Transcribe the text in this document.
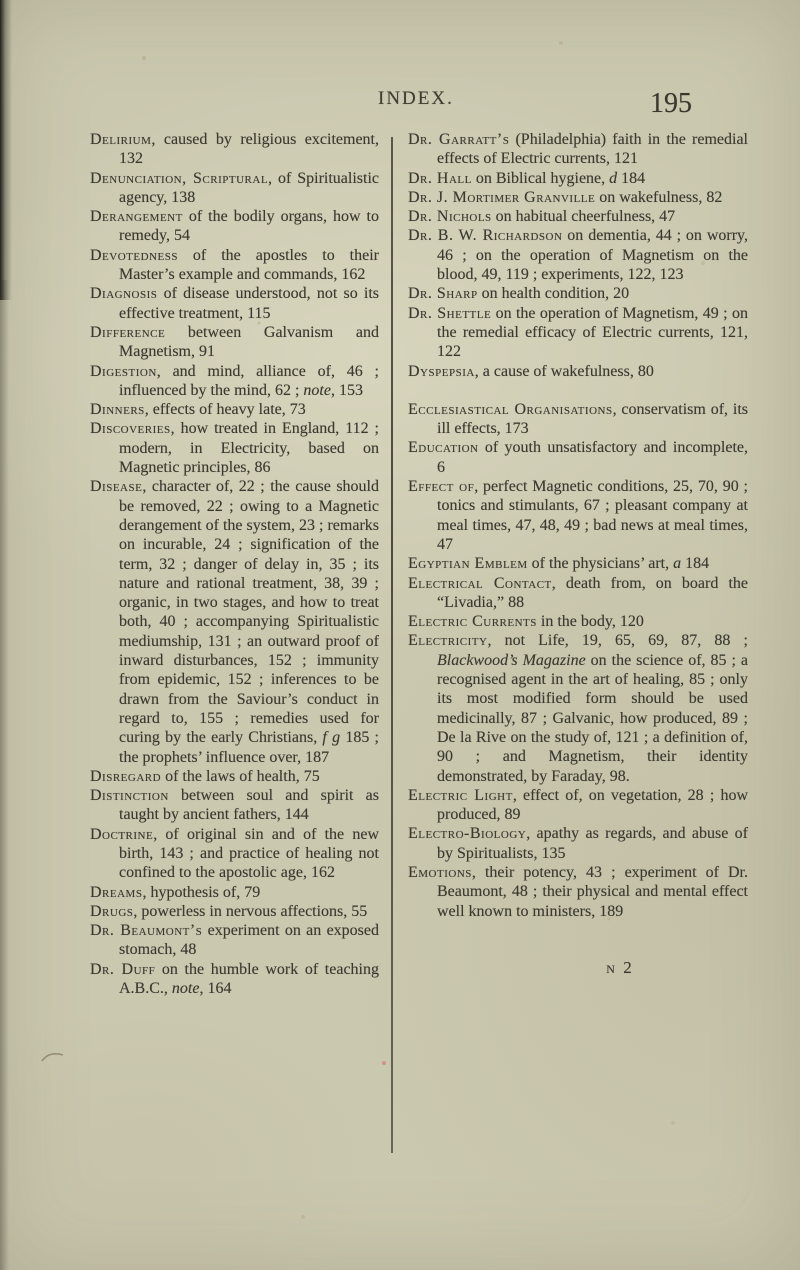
INDEX.	195
Delirium, caused by religious excitement, 132
Denunciation, Scriptural, of Spiritualistic agency, 138
Derangement of the bodily organs, how to remedy, 54
Devotedness of the apostles to their Master’s example and commands, 162
Diagnosis of disease understood, not so its effective treatment, 115
Difference between Galvanism and Magnetism, 91
Digestion, and mind, alliance of, 46 ; influenced by the mind, 62 ; note, 153
Dinners, effects of heavy late, 73
Discoveries, how treated in England, 112 ; modern, in Electricity, based on Magnetic principles, 86
Disease, character of, 22 ; the cause should be removed, 22 ; owing to a Magnetic derangement of the system, 23 ; remarks on incurable, 24 ; signification of the term, 32 ; danger of delay in, 35 ; its nature and rational treatment, 38, 39 ; organic, in two stages, and how to treat both, 40 ; accompanying Spiritualistic mediumship, 131 ; an outward proof of inward disturbances, 152 ; immunity from epidemic, 152 ; inferences to be drawn from the Saviour’s conduct in regard to, 155 ; remedies used for curing by the early Christians, f g 185 ; the prophets’ influence over, 187
Disregard of the laws of health, 75
Distinction between soul and spirit as taught by ancient fathers, 144
Doctrine, of original sin and of the new birth, 143 ; and practice of healing not confined to the apostolic age, 162
Dreams, hypothesis of, 79
Drugs, powerless in nervous affections, 55
Dr. Beaumont’s experiment on an exposed stomach, 48
Dr. Duff on the humble work of teaching A.B.C., note, 164
Dr. Garratt’s (Philadelphia) faith in the remedial effects of Electric currents, 121
Dr. Hall on Biblical hygiene, d 184
Dr. J. Mortimer Granville on wakefulness, 82
Dr. Nichols on habitual cheerfulness, 47
Dr. B. W. Richardson on dementia, 44 ; on worry, 46 ; on the operation of Magnetism on the blood, 49, 119 ; experiments, 122, 123
Dr. Sharp on health condition, 20
Dr. Shettle on the operation of Magnetism, 49 ; on the remedial efficacy of Electric currents, 121, 122
Dyspepsia, a cause of wakefulness, 80
Ecclesiastical Organisations, conservatism of, its ill effects, 173
Education of youth unsatisfactory and incomplete, 6
Effect of, perfect Magnetic conditions, 25, 70, 90 ; tonics and stimulants, 67 ; pleasant company at meal times, 47, 48, 49 ; bad news at meal times, 47
Egyptian Emblem of the physicians’ art, a 184
Electrical Contact, death from, on board the “Livadia,” 88
Electric Currents in the body, 120
Electricity, not Life, 19, 65, 69, 87, 88 ; Blackwood’s Magazine on the science of, 85 ; a recognised agent in the art of healing, 85 ; only its most modified form should be used medicinally, 87 ; Galvanic, how produced, 89 ; De la Rive on the study of, 121 ; a definition of, 90 ; and Magnetism, their identity demonstrated, by Faraday, 98.
Electric Light, effect of, on vegetation, 28 ; how produced, 89
Electro-Biology, apathy as regards, and abuse of by Spiritualists, 135
Emotions, their potency, 43 ; experiment of Dr. Beaumont, 48 ; their physical and mental effect well known to ministers, 189
n 2
